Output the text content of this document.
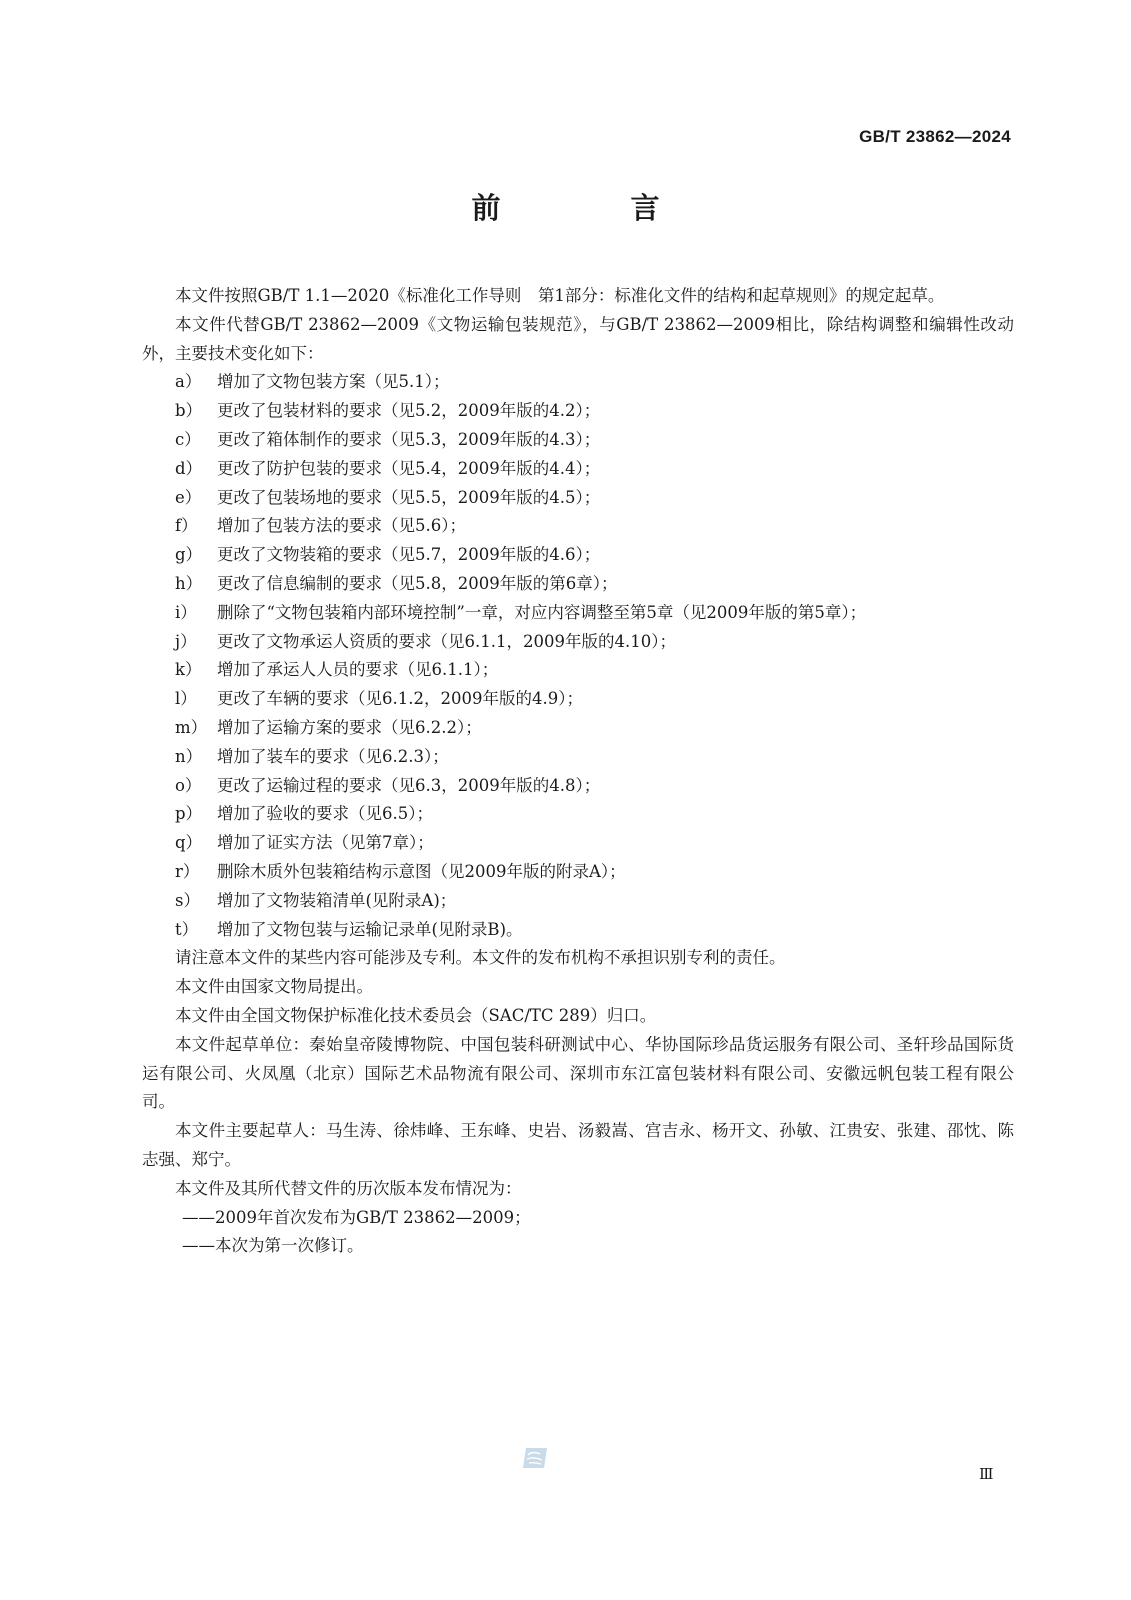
GB/T 23862—2024
前 言

本文件按照GB/T 1.1—2020《标准化工作导则　第1部分：标准化文件的结构和起草规则》的规定起草。

本文件代替GB/T 23862—2009《文物运输包装规范》，与GB/T 23862—2009相比，除结构调整和编辑性改动外，主要技术变化如下：

a） 增加了文物包装方案（见5.1）；
b） 更改了包装材料的要求（见5.2，2009年版的4.2）；
c） 更改了箱体制作的要求（见5.3，2009年版的4.3）；
d） 更改了防护包装的要求（见5.4，2009年版的4.4）；
e） 更改了包装场地的要求（见5.5，2009年版的4.5）；
f）	增加了包装方法的要求（见5.6）；
g） 更改了文物装箱的要求（见5.7，2009年版的4.6）；
h） 更改了信息编制的要求（见5.8，2009年版的第6章）；
i）	删除了“文物包装箱内部环境控制”一章，对应内容调整至第5章（见2009年版的第5章）；
j）	更改了文物承运人资质的要求（见6.1.1，2009年版的4.10）；
k） 增加了承运人人员的要求（见6.1.1）；
l）	更改了车辆的要求（见6.1.2，2009年版的4.9）；
m） 增加了运输方案的要求（见6.2.2）；
n） 增加了装车的要求（见6.2.3）；
o） 更改了运输过程的要求（见6.3，2009年版的4.8）；
p） 增加了验收的要求（见6.5）；
q） 增加了证实方法（见第7章）；
r）	删除木质外包装箱结构示意图（见2009年版的附录A）；
s）	增加了文物装箱清单(见附录A)；
t）	增加了文物包装与运输记录单(见附录B)。

请注意本文件的某些内容可能涉及专利。本文件的发布机构不承担识别专利的责任。

本文件由国家文物局提出。

本文件由全国文物保护标准化技术委员会（SAC/TC 289）归口。

本文件起草单位：秦始皇帝陵博物院、中国包装科研测试中心、华协国际珍品货运服务有限公司、圣轩珍品国际货运有限公司、火凤凰（北京）国际艺术品物流有限公司、深圳市东江富包装材料有限公司、安徽远帆包装工程有限公司。

本文件主要起草人：马生涛、徐炜峰、王东峰、史岩、汤毅嵩、宫吉永、杨开文、孙敏、江贵安、张建、邵忱、陈志强、郑宁。

本文件及其所代替文件的历次版本发布情况为：

——2009年首次发布为GB/T 23862—2009；

——本次为第一次修订。

Ⅲ
